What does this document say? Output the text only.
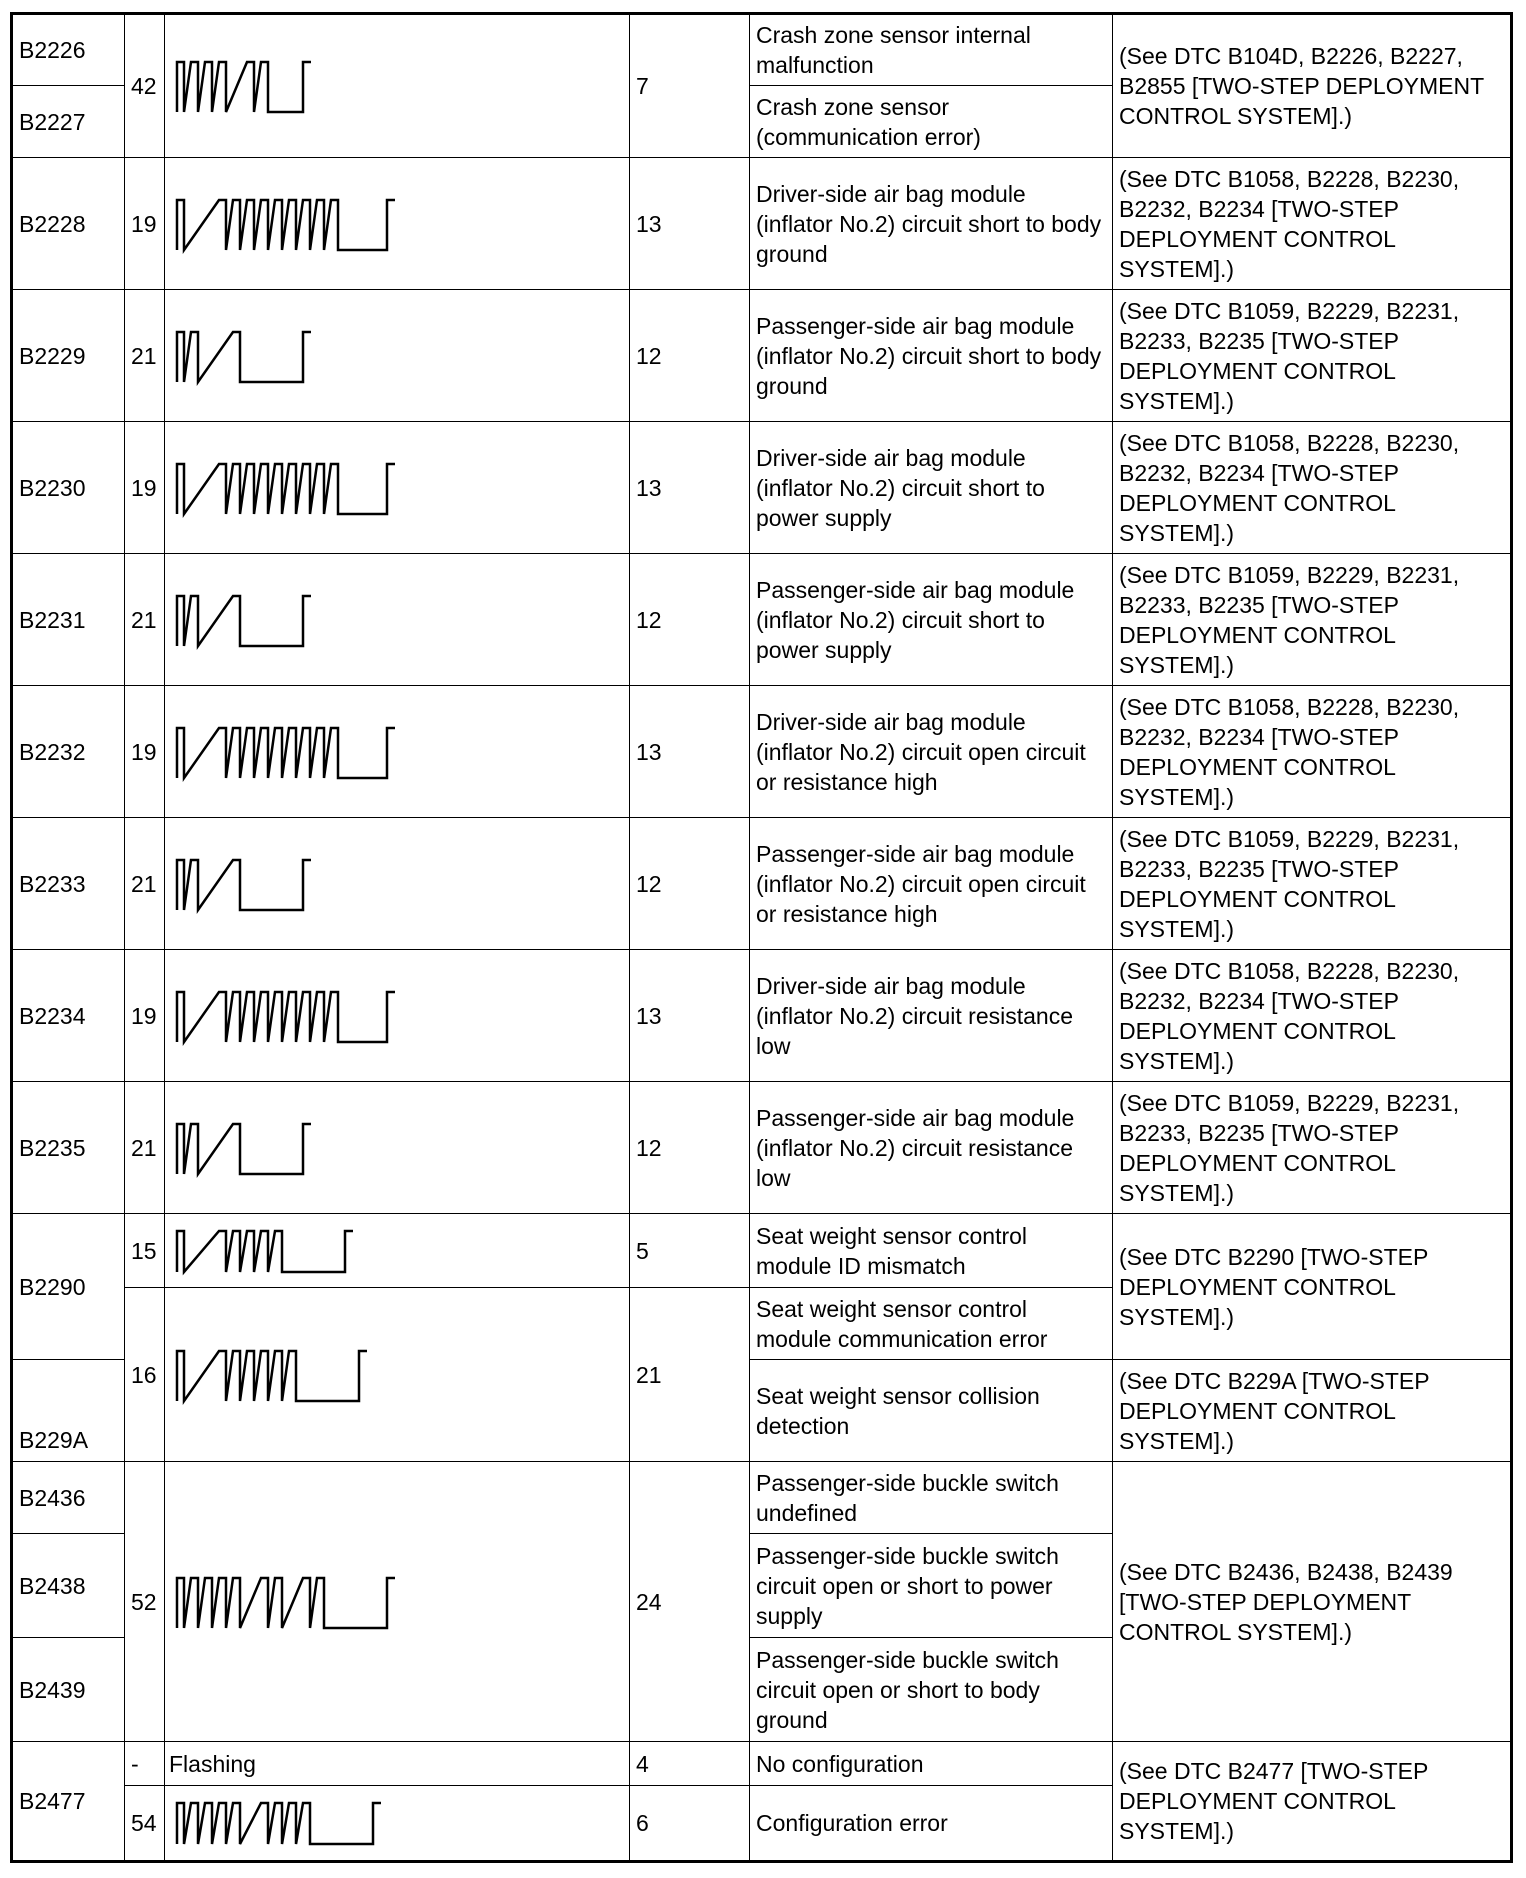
B2226	42		7	Crash zone sensor internal malfunction	(See DTC B104D, B2226, B2227, B2855 [TWO-STEP DEPLOYMENT CONTROL SYSTEM].)
B2227				Crash zone sensor (communication error)	
B2228	19		13	Driver-side air bag module (inflator No.2) circuit short to body ground	(See DTC B1058, B2228, B2230, B2232, B2234 [TWO-STEP DEPLOYMENT CONTROL SYSTEM].)
B2229	21		12	Passenger-side air bag module (inflator No.2) circuit short to body ground	(See DTC B1059, B2229, B2231, B2233, B2235 [TWO-STEP DEPLOYMENT CONTROL SYSTEM].)
B2230	19		13	Driver-side air bag module (inflator No.2) circuit short to power supply	(See DTC B1058, B2228, B2230, B2232, B2234 [TWO-STEP DEPLOYMENT CONTROL SYSTEM].)
B2231	21		12	Passenger-side air bag module (inflator No.2) circuit short to power supply	(See DTC B1059, B2229, B2231, B2233, B2235 [TWO-STEP DEPLOYMENT CONTROL SYSTEM].)
B2232	19		13	Driver-side air bag module (inflator No.2) circuit open circuit or resistance high	(See DTC B1058, B2228, B2230, B2232, B2234 [TWO-STEP DEPLOYMENT CONTROL SYSTEM].)
B2233	21		12	Passenger-side air bag module (inflator No.2) circuit open circuit or resistance high	(See DTC B1059, B2229, B2231, B2233, B2235 [TWO-STEP DEPLOYMENT CONTROL SYSTEM].)
B2234	19		13	Driver-side air bag module (inflator No.2) circuit resistance low	(See DTC B1058, B2228, B2230, B2232, B2234 [TWO-STEP DEPLOYMENT CONTROL SYSTEM].)
B2235	21		12	Passenger-side air bag module (inflator No.2) circuit resistance low	(See DTC B1059, B2229, B2231, B2233, B2235 [TWO-STEP DEPLOYMENT CONTROL SYSTEM].)
B2290	15		5	Seat weight sensor control module ID mismatch	(See DTC B2290 [TWO-STEP DEPLOYMENT CONTROL SYSTEM].)
	16		21	Seat weight sensor control module communication error	
B229A				Seat weight sensor collision detection	(See DTC B229A [TWO-STEP DEPLOYMENT CONTROL SYSTEM].)
B2436	52		24	Passenger-side buckle switch undefined	(See DTC B2436, B2438, B2439 [TWO-STEP DEPLOYMENT CONTROL SYSTEM].)
B2438				Passenger-side buckle switch circuit open or short to power supply	
B2439				Passenger-side buckle switch circuit open or short to body ground	
B2477	-	Flashing	4	No configuration	(See DTC B2477 [TWO-STEP DEPLOYMENT CONTROL SYSTEM].)
	54		6	Configuration error	
